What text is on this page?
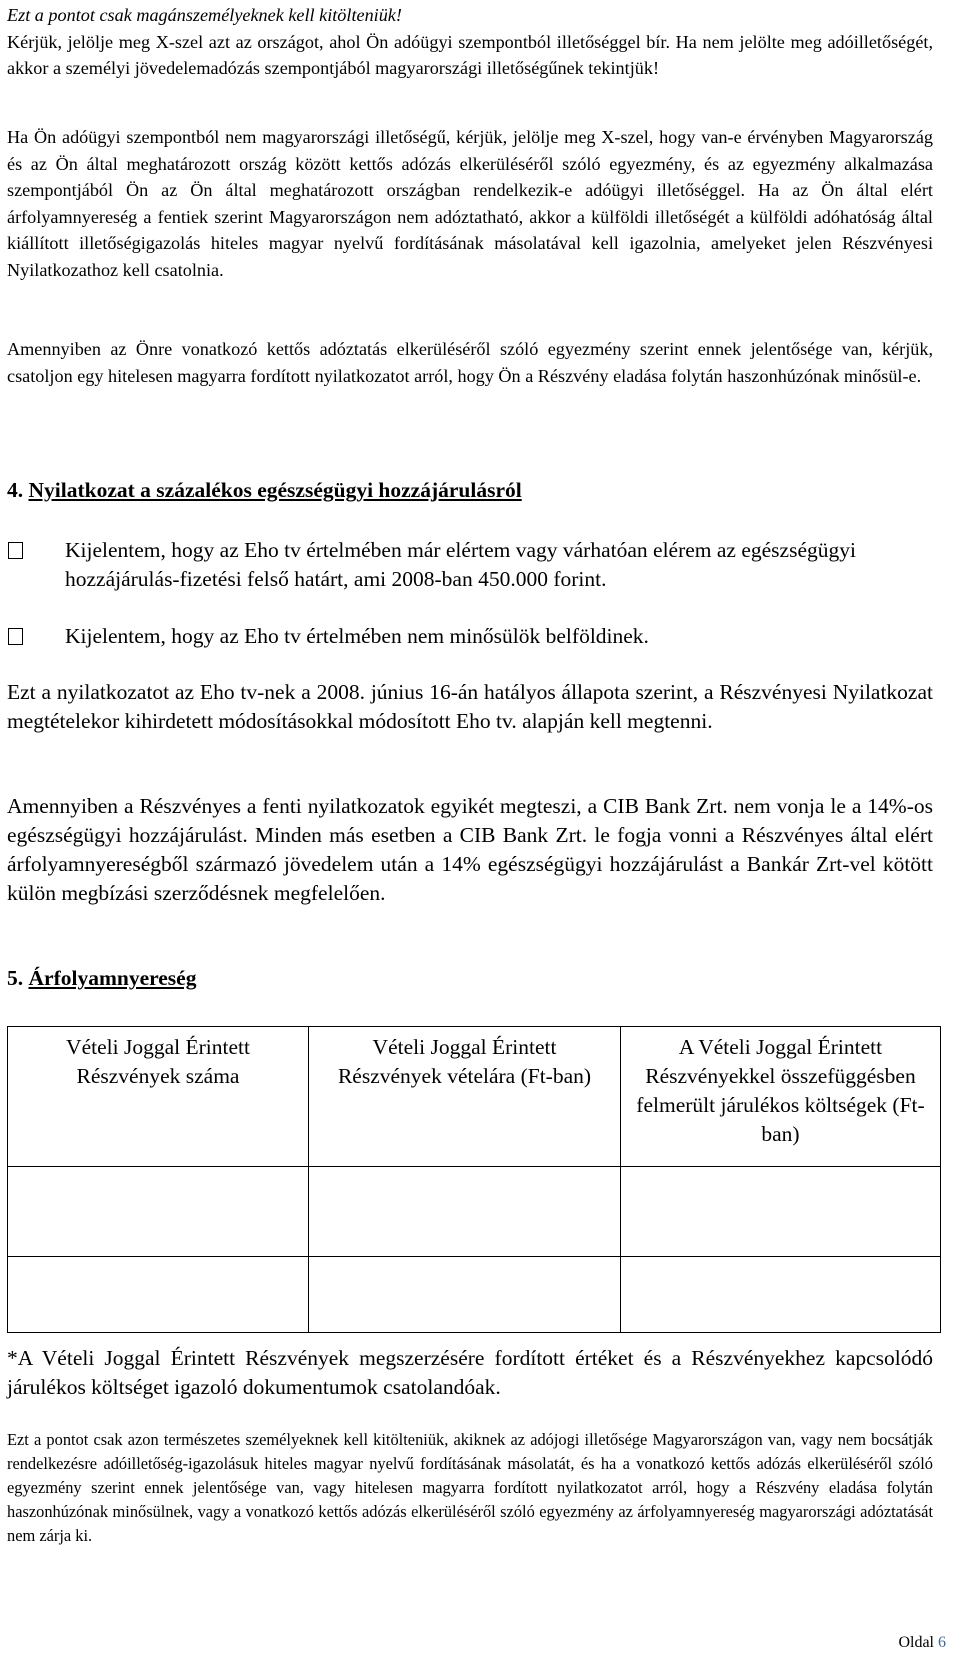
Ezt a pontot csak magánszemélyeknek kell kitölteniük!

Kérjük, jelölje meg X-szel azt az országot, ahol Ön adóügyi szempontból illetőséggel bír. Ha nem jelölte meg adóilletőségét, akkor a személyi jövedelemadózás szempontjából magyarországi illetőségűnek tekintjük!

Ha Ön adóügyi szempontból nem magyarországi illetőségű, kérjük, jelölje meg X-szel, hogy van-e érvényben Magyarország és az Ön által meghatározott ország között kettős adózás elkerüléséről szóló egyezmény, és az egyezmény alkalmazása szempontjából Ön az Ön által meghatározott országban rendelkezik-e adóügyi illetőséggel. Ha az Ön által elért árfolyamnyereség a fentiek szerint Magyarországon nem adóztatható, akkor a külföldi illetőségét a külföldi adóhatóság által kiállított illetőségigazolás hiteles magyar nyelvű fordításának másolatával kell igazolnia, amelyeket jelen Részvényesi Nyilatkozathoz kell csatolnia.

Amennyiben az Önre vonatkozó kettős adóztatás elkerüléséről szóló egyezmény szerint ennek jelentősége van, kérjük, csatoljon egy hitelesen magyarra fordított nyilatkozatot arról, hogy Ön a Részvény eladása folytán haszonhúzónak minősül-e.

4. Nyilatkozat a százalékos egészségügyi hozzájárulásról
Kijelentem, hogy az Eho tv értelmében már elértem vagy várhatóan elérem az egészségügyi hozzájárulás-fizetési felső határt, ami 2008-ban 450.000 forint.
Kijelentem, hogy az Eho tv értelmében nem minősülök belföldinek.

Ezt a nyilatkozatot az Eho tv-nek a 2008. június 16-án hatályos állapota szerint, a Részvényesi Nyilatkozat megtételekor kihirdetett módosításokkal módosított Eho tv. alapján kell megtenni.

Amennyiben a Részvényes a fenti nyilatkozatok egyikét megteszi, a CIB Bank Zrt. nem vonja le a 14%-os egészségügyi hozzájárulást. Minden más esetben a CIB Bank Zrt. le fogja vonni a Részvényes által elért árfolyamnyereségből származó jövedelem után a 14% egészségügyi hozzájárulást a Bankár Zrt-vel kötött külön megbízási szerződésnek megfelelően.

5. Árfolyamnyereség
Vételi Joggal Érintett Részvények száma	Vételi Joggal Érintett Részvények vételára (Ft-ban)	A Vételi Joggal Érintett Részvényekkel összefüggésben felmerült járulékos költségek (Ft-ban)

*A Vételi Joggal Érintett Részvények megszerzésére fordított értéket és a Részvényekhez kapcsolódó járulékos költséget igazoló dokumentumok csatolandóak.

Ezt a pontot csak azon természetes személyeknek kell kitölteniük, akiknek az adójogi illetősége Magyarországon van, vagy nem bocsátják rendelkezésre adóilletőség-igazolásuk hiteles magyar nyelvű fordításának másolatát, és ha a vonatkozó kettős adózás elkerüléséről szóló egyezmény szerint ennek jelentősége van, vagy hitelesen magyarra fordított nyilatkozatot arról, hogy a Részvény eladása folytán haszonhúzónak minősülnek, vagy a vonatkozó kettős adózás elkerüléséről szóló egyezmény az árfolyamnyereség magyarországi adóztatását nem zárja ki.

Oldal 6
